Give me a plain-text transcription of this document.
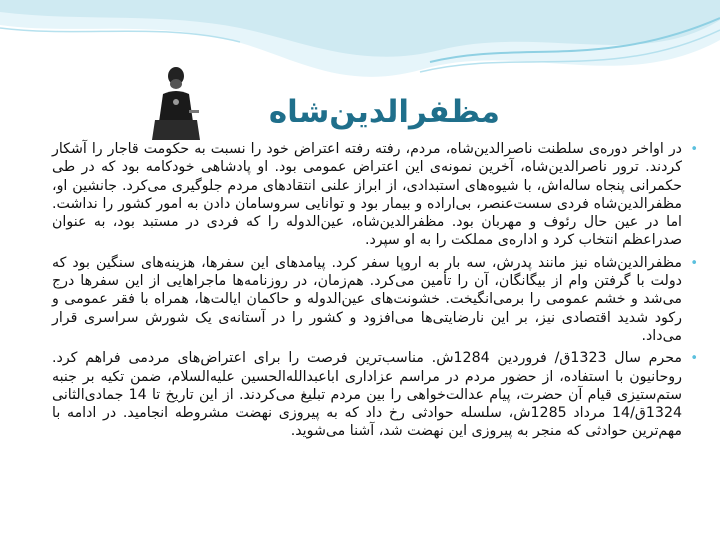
مظفرالدین‌شاه

•
در اواخر دوره‌ی سلطنت ناصرالدین‌شاه، مردم، رفته رفته اعتراض خود را نسبت به حکومت قاجار را آشکار کردند. ترور ناصرالدین‌شاه، آخرین نمونه‌ی این اعتراض عمومی بود. او پادشاهی خودکامه بود که در طی حکمرانی پنجاه ساله‌اش، با شیوه‌های استبدادی، از ابراز علنی انتقادهای مردم جلوگیری می‌کرد. جانشین او، مظفرالدین‌شاه فردی سست‌عنصر، بی‌اراده و بیمار بود و توانایی سروسامان دادن به امور کشور را نداشت. اما در عین حال رئوف و مهربان بود. مظفرالدین‌شاه، عین‌الدوله را که فردی در مستبد بود، به عنوان صدراعظم انتخاب کرد و اداره‌ی مملکت را به او سپرد.

•
مظفرالدین‌شاه نیز مانند پدرش، سه بار به اروپا سفر کرد. پیامدهای این سفرها، هزینه‌های سنگین بود که دولت با گرفتن وام از بیگانگان، آن را تأمین می‌کرد. هم‌زمان، در روزنامه‌ها ماجراهایی از این سفرها درج می‌شد و خشم عمومی را برمی‌انگیخت. خشونت‌های عین‌الدوله و حاکمان ایالت‌ها، همراه با فقر عمومی و رکود شدید اقتصادی نیز، بر این نارضایتی‌ها می‌افزود و کشور را در آستانه‌ی یک شورش سراسری قرار می‌داد.

•
محرم سال 1323ق/ فروردین 1284ش. مناسب‌ترین فرصت را برای اعتراض‌های مردمی فراهم کرد. روحانیون با استفاده، از حضور مردم در مراسم عزاداری اباعبدالله‌الحسین علیه‌السلام، ضمن تکیه بر جنبه ستم‌ستیزی قیام آن حضرت، پیام عدالت‌خواهی را بین مردم تبلیغ می‌کردند. از این تاریخ تا 14 جمادی‌الثانی 1324ق/14 مرداد 1285ش، سلسله حوادثی رخ داد که به پیروزی نهضت مشروطه انجامید. در ادامه با مهم‌ترین حوادثی که منجر به پیروزی این نهضت شد، آشنا می‌شوید.
